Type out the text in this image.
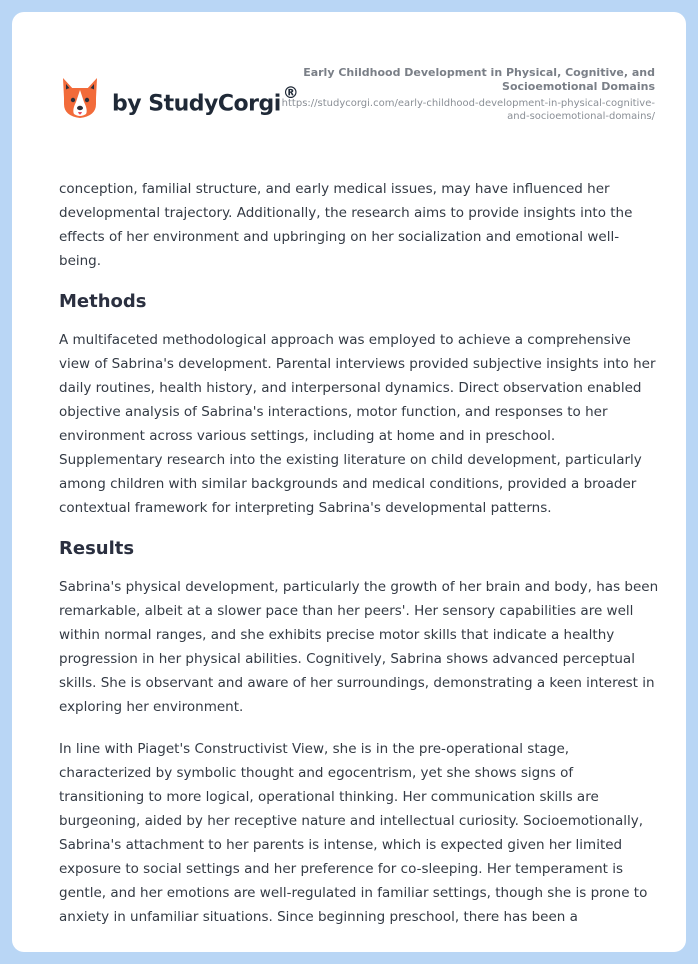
by StudyCorgi ®
Early Childhood Development in Physical, Cognitive, and Socioemotional Domains
https://studycorgi.com/early-childhood-development-in-physical-cognitive-and-socioemotional-domains/

conception, familial structure, and early medical issues, may have influenced her developmental trajectory. Additionally, the research aims to provide insights into the effects of her environment and upbringing on her socialization and emotional well-being.

Methods

A multifaceted methodological approach was employed to achieve a comprehensive view of Sabrina's development. Parental interviews provided subjective insights into her daily routines, health history, and interpersonal dynamics. Direct observation enabled objective analysis of Sabrina's interactions, motor function, and responses to her environment across various settings, including at home and in preschool. Supplementary research into the existing literature on child development, particularly among children with similar backgrounds and medical conditions, provided a broader contextual framework for interpreting Sabrina's developmental patterns.

Results

Sabrina's physical development, particularly the growth of her brain and body, has been remarkable, albeit at a slower pace than her peers'. Her sensory capabilities are well within normal ranges, and she exhibits precise motor skills that indicate a healthy progression in her physical abilities. Cognitively, Sabrina shows advanced perceptual skills. She is observant and aware of her surroundings, demonstrating a keen interest in exploring her environment.

In line with Piaget's Constructivist View, she is in the pre-operational stage, characterized by symbolic thought and egocentrism, yet she shows signs of transitioning to more logical, operational thinking. Her communication skills are burgeoning, aided by her receptive nature and intellectual curiosity. Socioemotionally, Sabrina's attachment to her parents is intense, which is expected given her limited exposure to social settings and her preference for co-sleeping. Her temperament is gentle, and her emotions are well-regulated in familiar settings, though she is prone to anxiety in unfamiliar situations. Since beginning preschool, there has been a
